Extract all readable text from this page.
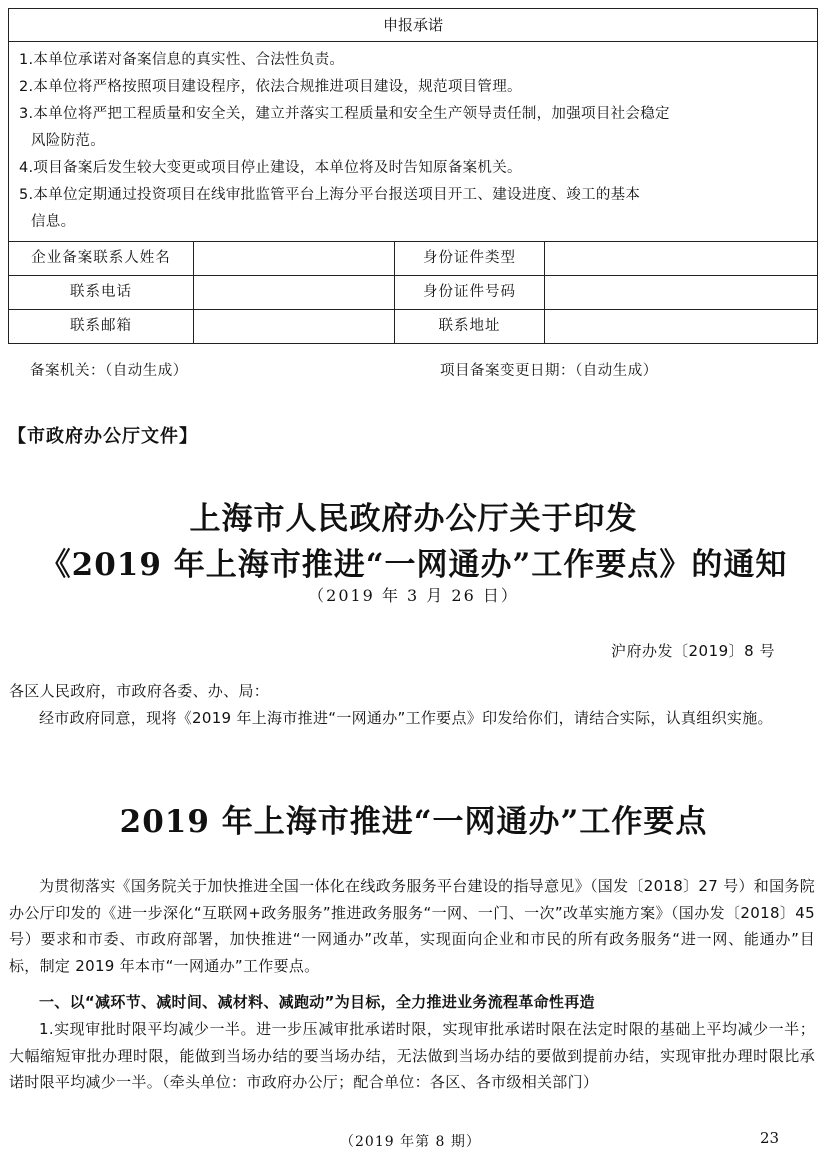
申报承诺
1.本单位承诺对备案信息的真实性、合法性负责。
2.本单位将严格按照项目建设程序，依法合规推进项目建设，规范项目管理。
3.本单位将严把工程质量和安全关，建立并落实工程质量和安全生产领导责任制，加强项目社会稳定
风险防范。
4.项目备案后发生较大变更或项目停止建设，本单位将及时告知原备案机关。
5.本单位定期通过投资项目在线审批监管平台上海分平台报送项目开工、建设进度、竣工的基本
信息。
企业备案联系人姓名	身份证件类型
联系电话	身份证件号码
联系邮箱	联系地址
备案机关：（自动生成）	项目备案变更日期：（自动生成）
【市政府办公厅文件】
上海市人民政府办公厅关于印发
《2019 年上海市推进“一网通办”工作要点》的通知
（2019 年 3 月 26 日）
沪府办发〔2019〕8 号
各区人民政府，市政府各委、办、局：
经市政府同意，现将《2019 年上海市推进“一网通办”工作要点》印发给你们，请结合实际，认真组织实施。
2019 年上海市推进“一网通办”工作要点
为贯彻落实《国务院关于加快推进全国一体化在线政务服务平台建设的指导意见》（国发〔2018〕27 号）和国务院办公厅印发的《进一步深化“互联网+政务服务”推进政务服务“一网、一门、一次”改革实施方案》（国办发〔2018〕45 号）要求和市委、市政府部署，加快推进“一网通办”改革，实现面向企业和市民的所有政务服务“进一网、能通办”目标，制定 2019 年本市“一网通办”工作要点。
一、以“减环节、减时间、减材料、减跑动”为目标，全力推进业务流程革命性再造
1.实现审批时限平均减少一半。进一步压减审批承诺时限，实现审批承诺时限在法定时限的基础上平均减少一半；大幅缩短审批办理时限，能做到当场办结的要当场办结，无法做到当场办结的要做到提前办结，实现审批办理时限比承诺时限平均减少一半。（牵头单位：市政府办公厅；配合单位：各区、各市级相关部门）
（2019 年第 8 期）	23
